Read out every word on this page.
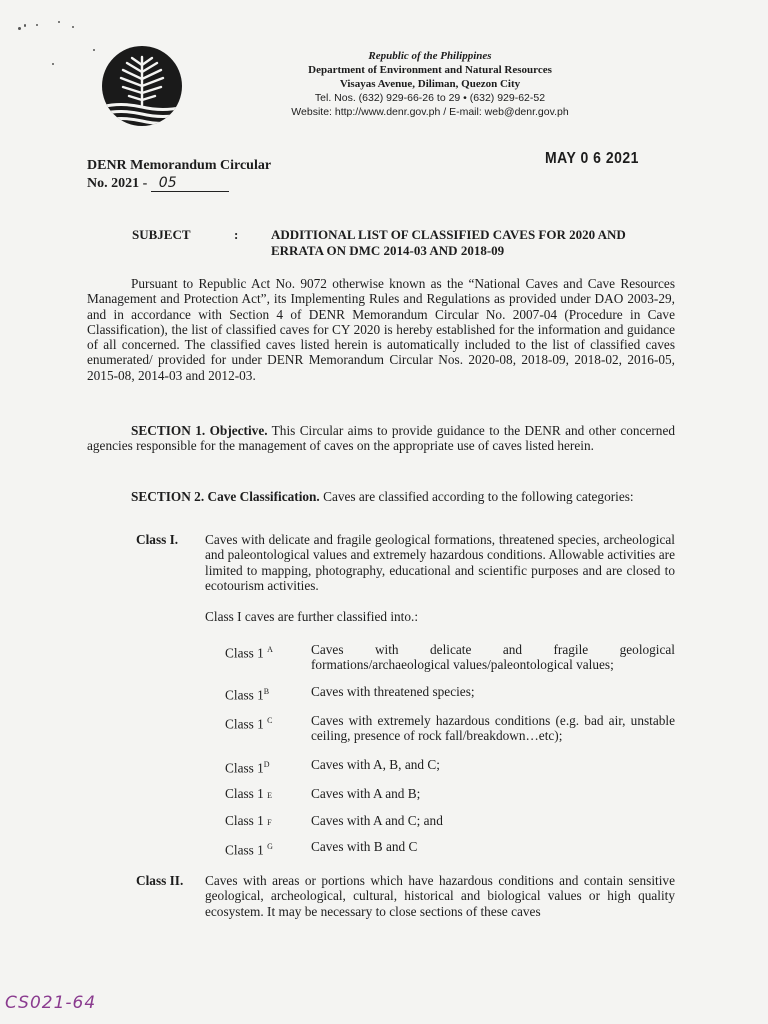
Republic of the Philippines
Department of Environment and Natural Resources
Visayas Avenue, Diliman, Quezon City
Tel. Nos. (632) 929-66-26 to 29 • (632) 929-62-52
Website: http://www.denr.gov.ph / E-mail: web@denr.gov.ph
MAY 0 6 2021
DENR Memorandum Circular
No. 2021 - 05
SUBJECT	:	ADDITIONAL LIST OF CLASSIFIED CAVES FOR 2020 AND ERRATA ON DMC 2014-03 AND 2018-09
Pursuant to Republic Act No. 9072 otherwise known as the “National Caves and Cave Resources Management and Protection Act”, its Implementing Rules and Regulations as provided under DAO 2003-29, and in accordance with Section 4 of DENR Memorandum Circular No. 2007-04 (Procedure in Cave Classification), the list of classified caves for CY 2020 is hereby established for the information and guidance of all concerned. The classified caves listed herein is automatically included to the list of classified caves enumerated/ provided for under DENR Memorandum Circular Nos. 2020-08, 2018-09, 2018-02, 2016-05, 2015-08, 2014-03 and 2012-03.
SECTION 1. Objective. This Circular aims to provide guidance to the DENR and other concerned agencies responsible for the management of caves on the appropriate use of caves listed herein.
SECTION 2. Cave Classification. Caves are classified according to the following categories:
Class I. Caves with delicate and fragile geological formations, threatened species, archeological and paleontological values and extremely hazardous conditions. Allowable activities are limited to mapping, photography, educational and scientific purposes and are closed to ecotourism activities.
Class I caves are further classified into.:
Class 1 $^A$	Caves with delicate and fragile geological
formations/archaeological values/paleontological values;
Class $1^B$	Caves with threatened species;
Class 1 $^C$	Caves with extremely hazardous conditions (e.g. bad air, unstable ceiling, presence of rock fall/breakdown…etc);
Class $1^D$	Caves with A, B, and C;
Class 1 E	Caves with A and B;
Class 1 F	Caves with A and C; and
Class 1 $^G$	Caves with B and C
Class II. Caves with areas or portions which have hazardous conditions and contain sensitive geological, archeological, cultural, historical and biological values or high quality ecosystem. It may be necessary to close sections of these caves
CS021-64
